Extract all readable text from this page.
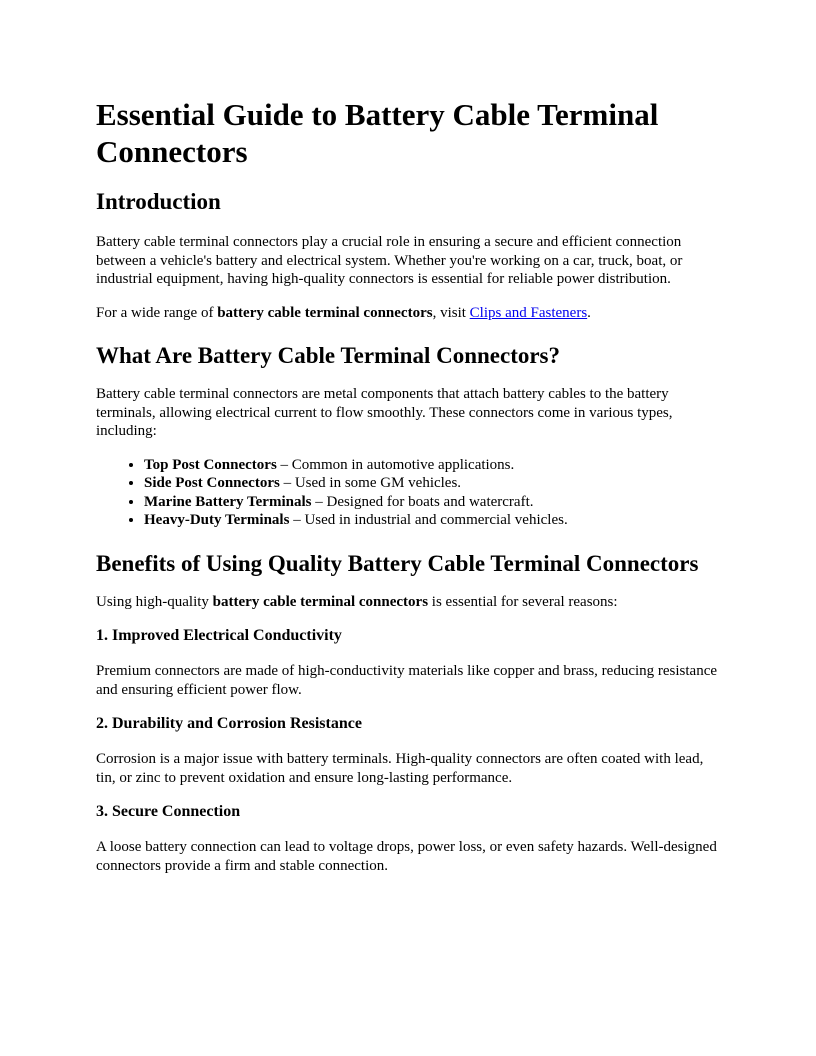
Essential Guide to Battery Cable Terminal Connectors
Introduction

Battery cable terminal connectors play a crucial role in ensuring a secure and efficient connection between a vehicle's battery and electrical system. Whether you're working on a car, truck, boat, or industrial equipment, having high-quality connectors is essential for reliable power distribution.

For a wide range of battery cable terminal connectors, visit Clips and Fasteners.

What Are Battery Cable Terminal Connectors?

Battery cable terminal connectors are metal components that attach battery cables to the battery terminals, allowing electrical current to flow smoothly. These connectors come in various types, including:

• Top Post Connectors – Common in automotive applications.
• Side Post Connectors – Used in some GM vehicles.
• Marine Battery Terminals – Designed for boats and watercraft.
• Heavy-Duty Terminals – Used in industrial and commercial vehicles.
Benefits of Using Quality Battery Cable Terminal Connectors

Using high-quality battery cable terminal connectors is essential for several reasons:

1. Improved Electrical Conductivity

Premium connectors are made of high-conductivity materials like copper and brass, reducing resistance and ensuring efficient power flow.

2. Durability and Corrosion Resistance

Corrosion is a major issue with battery terminals. High-quality connectors are often coated with lead, tin, or zinc to prevent oxidation and ensure long-lasting performance.

3. Secure Connection

A loose battery connection can lead to voltage drops, power loss, or even safety hazards. Well-designed connectors provide a firm and stable connection.
